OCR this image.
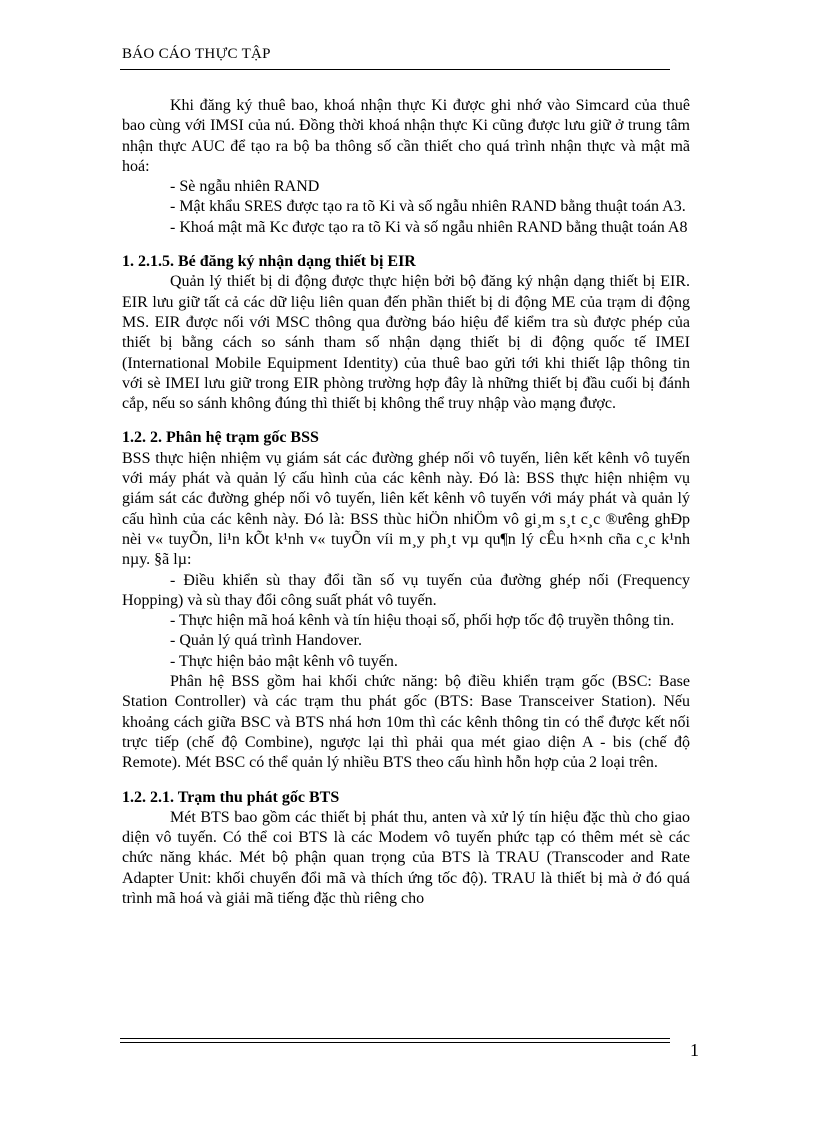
BÁO CÁO THỰC TẬP

Khi đăng ký thuê bao, khoá nhận thực Ki được ghi nhớ vào Simcard của thuê bao cùng với IMSI của nú. Đồng thời khoá nhận thực Ki cũng được lưu giữ ở trung tâm nhận thực AUC để tạo ra bộ ba thông số cần thiết cho quá trình nhận thực và mật mã hoá:

- Sè ngẫu nhiên RAND

- Mật khẩu SRES được tạo ra tõ Ki và số ngẫu nhiên RAND bằng thuật toán A3.

- Khoá mật mã Kc được tạo ra tõ Ki và số ngẫu nhiên RAND bằng thuật toán A8

1. 2.1.5. Bé đăng ký nhận dạng thiết bị EIR

Quản lý thiết bị di động được thực hiện bởi bộ đăng ký nhận dạng thiết bị EIR. EIR lưu giữ tất cả các dữ liệu liên quan đến phần thiết bị di động ME của trạm di động MS. EIR được nối với MSC thông qua đường báo hiệu để kiểm tra sù được phép của thiết bị bằng cách so sánh tham số nhận dạng thiết bị di động quốc tế IMEI (International Mobile Equipment Identity) của thuê bao gửi tới khi thiết lập thông tin với sè IMEI lưu giữ trong EIR phòng trường hợp đây là những thiết bị đầu cuối bị đánh cắp, nếu so sánh không đúng thì thiết bị không thể truy nhập vào mạng được.

1.2. 2. Phân hệ trạm gốc BSS

BSS thực hiện nhiệm vụ giám sát các đường ghép nối vô tuyến, liên kết kênh vô tuyến với máy phát và quản lý cấu hình của các kênh này. Đó là: BSS thực hiện nhiệm vụ giám sát các đường ghép nối vô tuyến, liên kết kênh vô tuyến với máy phát và quản lý cấu hình của các kênh này. Đó là: BSS thùc hiÖn nhiÖm vô gi¸m s¸t c¸c ®ưêng ghÐp nèi v« tuyÕn, li¹n kÕt k¹nh v« tuyÕn víi m¸y ph¸t vµ qu¶n lý cÊu h×nh cña c¸c k¹nh nµy. §ã lµ:

- Điều khiển sù thay đổi tần số vụ tuyến của đường ghép nối (Frequency Hopping) và sù thay đổi công suất phát vô tuyến.

- Thực hiện mã hoá kênh và tín hiệu thoại số, phối hợp tốc độ truyền thông tin.

- Quản lý quá trình Handover.

- Thực hiện bảo mật kênh vô tuyến.

Phân hệ BSS gồm hai khối chức năng: bộ điều khiển trạm gốc (BSC: Base Station Controller) và các trạm thu phát gốc (BTS: Base Transceiver Station). Nếu khoảng cách giữa BSC và BTS nhá hơn 10m thì các kênh thông tin có thể được kết nối trực tiếp (chế độ Combine), ngược lại thì phải qua mét giao diện A - bis (chế độ Remote). Mét BSC có thể quản lý nhiều BTS theo cấu hình hỗn hợp của 2 loại trên.

1.2. 2.1. Trạm thu phát gốc BTS

Mét BTS bao gồm các thiết bị phát thu, anten và xử lý tín hiệu đặc thù cho giao diện vô tuyến. Có thể coi BTS là các Modem vô tuyến phức tạp có thêm mét sè các chức năng khác. Mét bộ phận quan trọng của BTS là TRAU (Transcoder and Rate Adapter Unit: khối chuyển đổi mã và thích ứng tốc độ). TRAU là thiết bị mà ở đó quá trình mã hoá và giải mã tiếng đặc thù riêng cho

1
